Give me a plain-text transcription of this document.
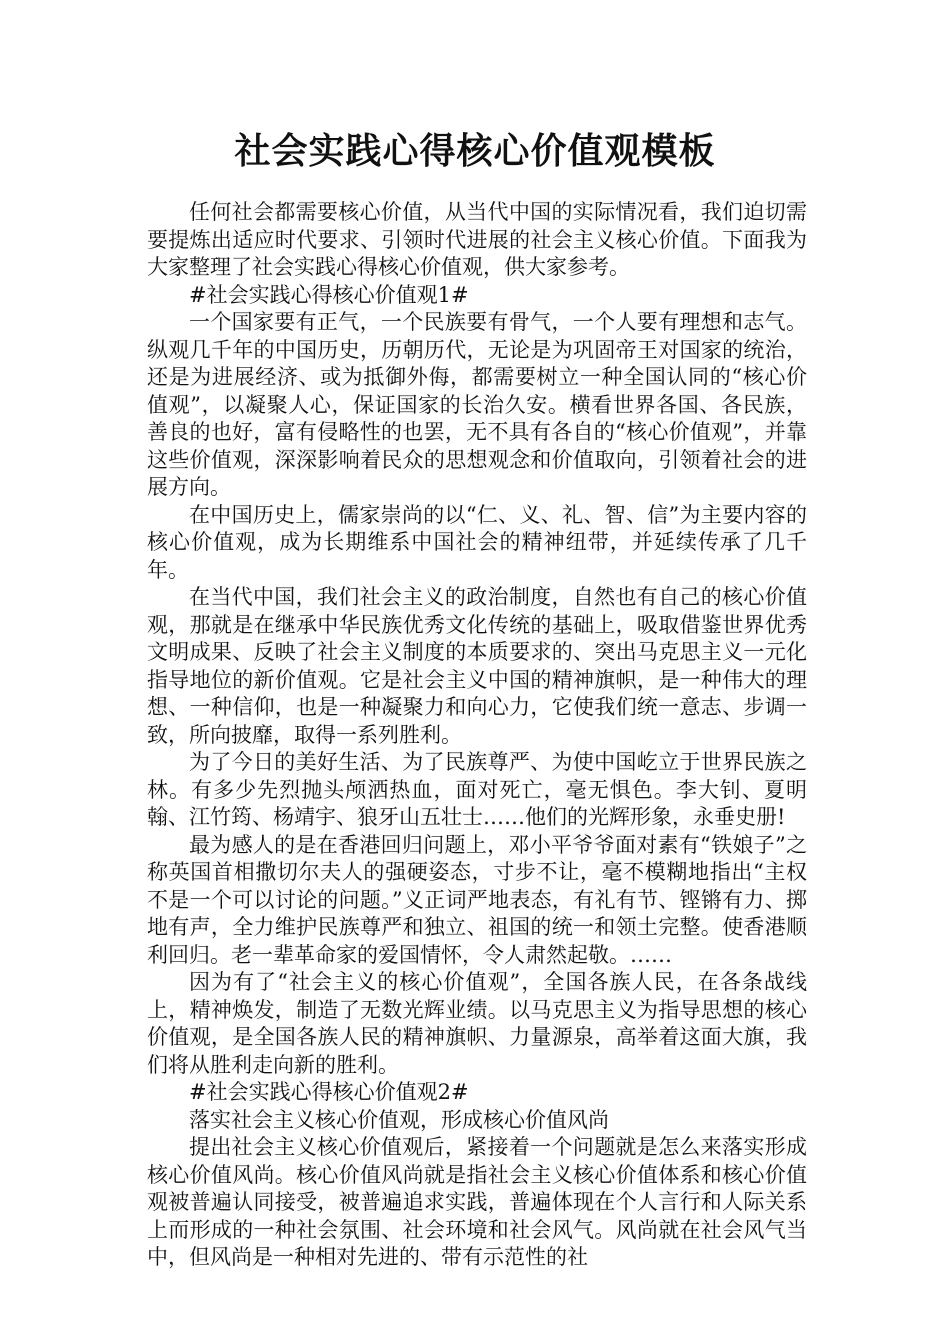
社会实践心得核心价值观模板

任何社会都需要核心价值，从当代中国的实际情况看，我们迫切需要提炼出适应时代要求、引领时代进展的社会主义核心价值。下面我为大家整理了社会实践心得核心价值观，供大家参考。

#社会实践心得核心价值观1#

一个国家要有正气，一个民族要有骨气，一个人要有理想和志气。纵观几千年的中国历史，历朝历代，无论是为巩固帝王对国家的统治，还是为进展经济、或为抵御外侮，都需要树立一种全国认同的“核心价值观”，以凝聚人心，保证国家的长治久安。横看世界各国、各民族，善良的也好，富有侵略性的也罢，无不具有各自的“核心价值观”，并靠这些价值观，深深影响着民众的思想观念和价值取向，引领着社会的进展方向。

在中国历史上，儒家崇尚的以“仁、义、礼、智、信”为主要内容的核心价值观，成为长期维系中国社会的精神纽带，并延续传承了几千年。

在当代中国，我们社会主义的政治制度，自然也有自己的核心价值观，那就是在继承中华民族优秀文化传统的基础上，吸取借鉴世界优秀文明成果、反映了社会主义制度的本质要求的、突出马克思主义一元化指导地位的新价值观。它是社会主义中国的精神旗帜，是一种伟大的理想、一种信仰，也是一种凝聚力和向心力，它使我们统一意志、步调一致，所向披靡，取得一系列胜利。

为了今日的美好生活、为了民族尊严、为使中国屹立于世界民族之林。有多少先烈抛头颅洒热血，面对死亡，毫无惧色。李大钊、夏明翰、江竹筠、杨靖宇、狼牙山五壮士……他们的光辉形象，永垂史册!

最为感人的是在香港回归问题上，邓小平爷爷面对素有“铁娘子”之称英国首相撒切尔夫人的强硬姿态，寸步不让，毫不模糊地指出“主权不是一个可以讨论的问题。”义正词严地表态，有礼有节、铿锵有力、掷地有声，全力维护民族尊严和独立、祖国的统一和领土完整。使香港顺利回归。老一辈革命家的爱国情怀，令人肃然起敬。……

因为有了“社会主义的核心价值观”，全国各族人民，在各条战线上，精神焕发，制造了无数光辉业绩。以马克思主义为指导思想的核心价值观，是全国各族人民的精神旗帜、力量源泉，高举着这面大旗，我们将从胜利走向新的胜利。

#社会实践心得核心价值观2#

落实社会主义核心价值观，形成核心价值风尚

提出社会主义核心价值观后，紧接着一个问题就是怎么来落实形成核心价值风尚。核心价值风尚就是指社会主义核心价值体系和核心价值观被普遍认同接受，被普遍追求实践，普遍体现在个人言行和人际关系上而形成的一种社会氛围、社会环境和社会风气。风尚就在社会风气当中，但风尚是一种相对先进的、带有示范性的社
